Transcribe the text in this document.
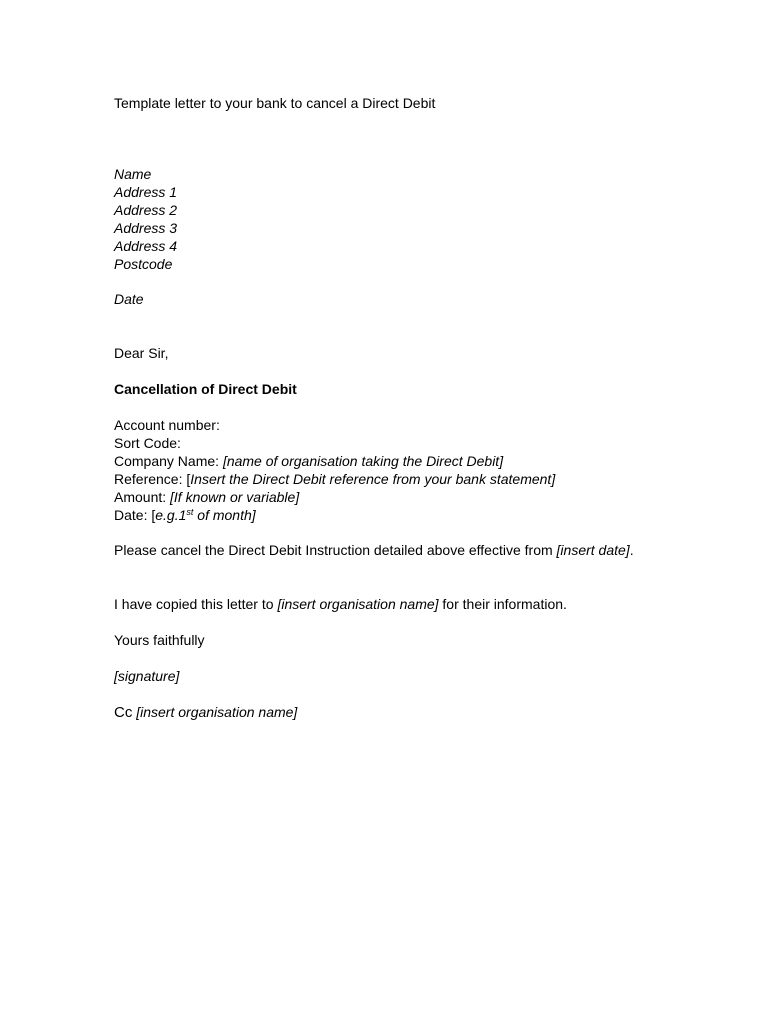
Template letter to your bank to cancel a Direct Debit
Name
Address 1
Address 2
Address 3
Address 4
Postcode
Date
Dear Sir,
Cancellation of Direct Debit
Account number:
Sort Code:
Company Name: [name of organisation taking the Direct Debit]
Reference: [Insert the Direct Debit reference from your bank statement]
Amount: [If known or variable]
Date: [e.g.1st of month]
Please cancel the Direct Debit Instruction detailed above effective from [insert date].
I have copied this letter to [insert organisation name] for their information.
Yours faithfully
[signature]
Cc [insert organisation name]
